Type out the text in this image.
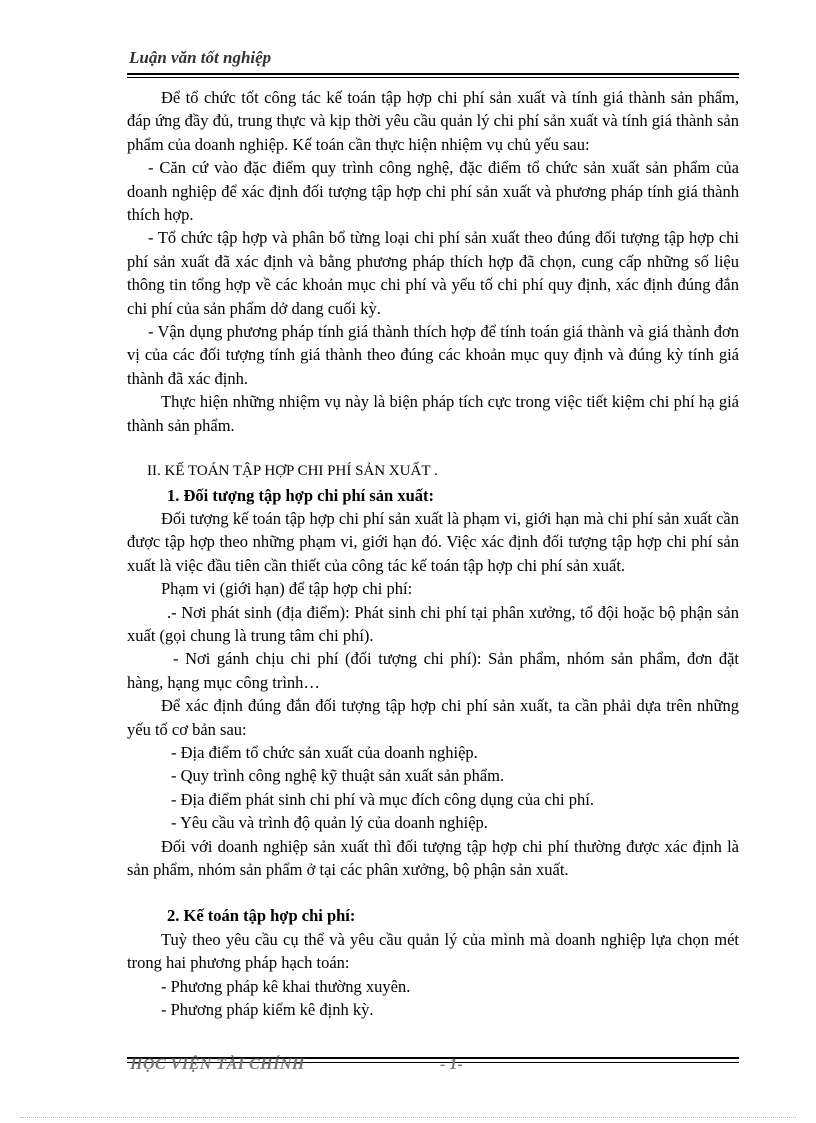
Luận văn tốt nghiệp

Để tổ chức tốt công tác kế toán tập hợp chi phí sản xuất và tính giá thành sản phẩm, đáp ứng đầy đủ, trung thực và kịp thời yêu cầu quản lý chi phí sản xuất và tính giá thành sản phẩm của doanh nghiệp. Kế toán cần thực hiện nhiệm vụ chủ yếu sau:

- Căn cứ vào đặc điểm quy trình công nghệ, đặc điểm tổ chức sản xuất sản phẩm của doanh nghiệp để xác định đối tượng tập hợp chi phí sản xuất và phương pháp tính giá thành thích hợp.

- Tổ chức tập hợp và phân bổ từng loại chi phí sản xuất theo đúng đối tượng tập hợp chi phí sản xuất đã xác định và bằng phương pháp thích hợp đã chọn, cung cấp những số liệu thông tin tổng hợp về các khoản mục chi phí và yếu tố chi phí quy định, xác định đúng đắn chi phí của sản phẩm dở dang cuối kỳ.

- Vận dụng phương pháp tính giá thành thích hợp để tính toán giá thành và giá thành đơn vị của các đối tượng tính giá thành theo đúng các khoản mục quy định và đúng kỳ tính giá thành đã xác định.

Thực hiện những nhiệm vụ này là biện pháp tích cực trong việc tiết kiệm chi phí hạ giá thành sản phẩm.

II. KẾ TOÁN TẬP HỢP CHI PHÍ SẢN XUẤT .

1. Đối tượng tập hợp chi phí sản xuất:

Đối tượng kế toán tập hợp chi phí sản xuất là phạm vi, giới hạn mà chi phí sản xuất cần được tập hợp theo những phạm vi, giới hạn đó. Việc xác định đối tượng tập hợp chi phí sản xuất là việc đầu tiên cần thiết của công tác kế toán tập hợp chi phí sản xuất.

Phạm vi (giới hạn) để tập hợp chi phí:

.- Nơi phát sinh (địa điểm): Phát sinh chi phí tại phân xưởng, tổ đội hoặc bộ phận sản xuất (gọi chung là trung tâm chi phí).

- Nơi gánh chịu chi phí (đối tượng chi phí): Sản phẩm, nhóm sản phẩm, đơn đặt hàng, hạng mục công trình…

Để xác định đúng đắn đối tượng tập hợp chi phí sản xuất, ta cần phải dựa trên những yếu tố cơ bản sau:

- Địa điểm tổ chức sản xuất của doanh nghiệp.

- Quy trình công nghệ kỹ thuật sản xuất sản phẩm.

- Địa điểm phát sinh chi phí và mục đích công dụng của chi phí.

- Yêu cầu và trình độ quản lý của doanh nghiệp.

Đối với doanh nghiệp sản xuất thì đối tượng tập hợp chi phí thường được xác định là sản phẩm, nhóm sản phẩm ở tại các phân xưởng, bộ phận sản xuất.

2. Kế toán tập hợp chi phí:

Tuỳ theo yêu cầu cụ thể và yêu cầu quản lý của mình mà doanh nghiệp lựa chọn mét trong hai phương pháp hạch toán:

- Phương pháp kê khai thường xuyên.

- Phương pháp kiểm kê định kỳ.

HỌC VIỆN TÀI CHÍNH	- 1-
